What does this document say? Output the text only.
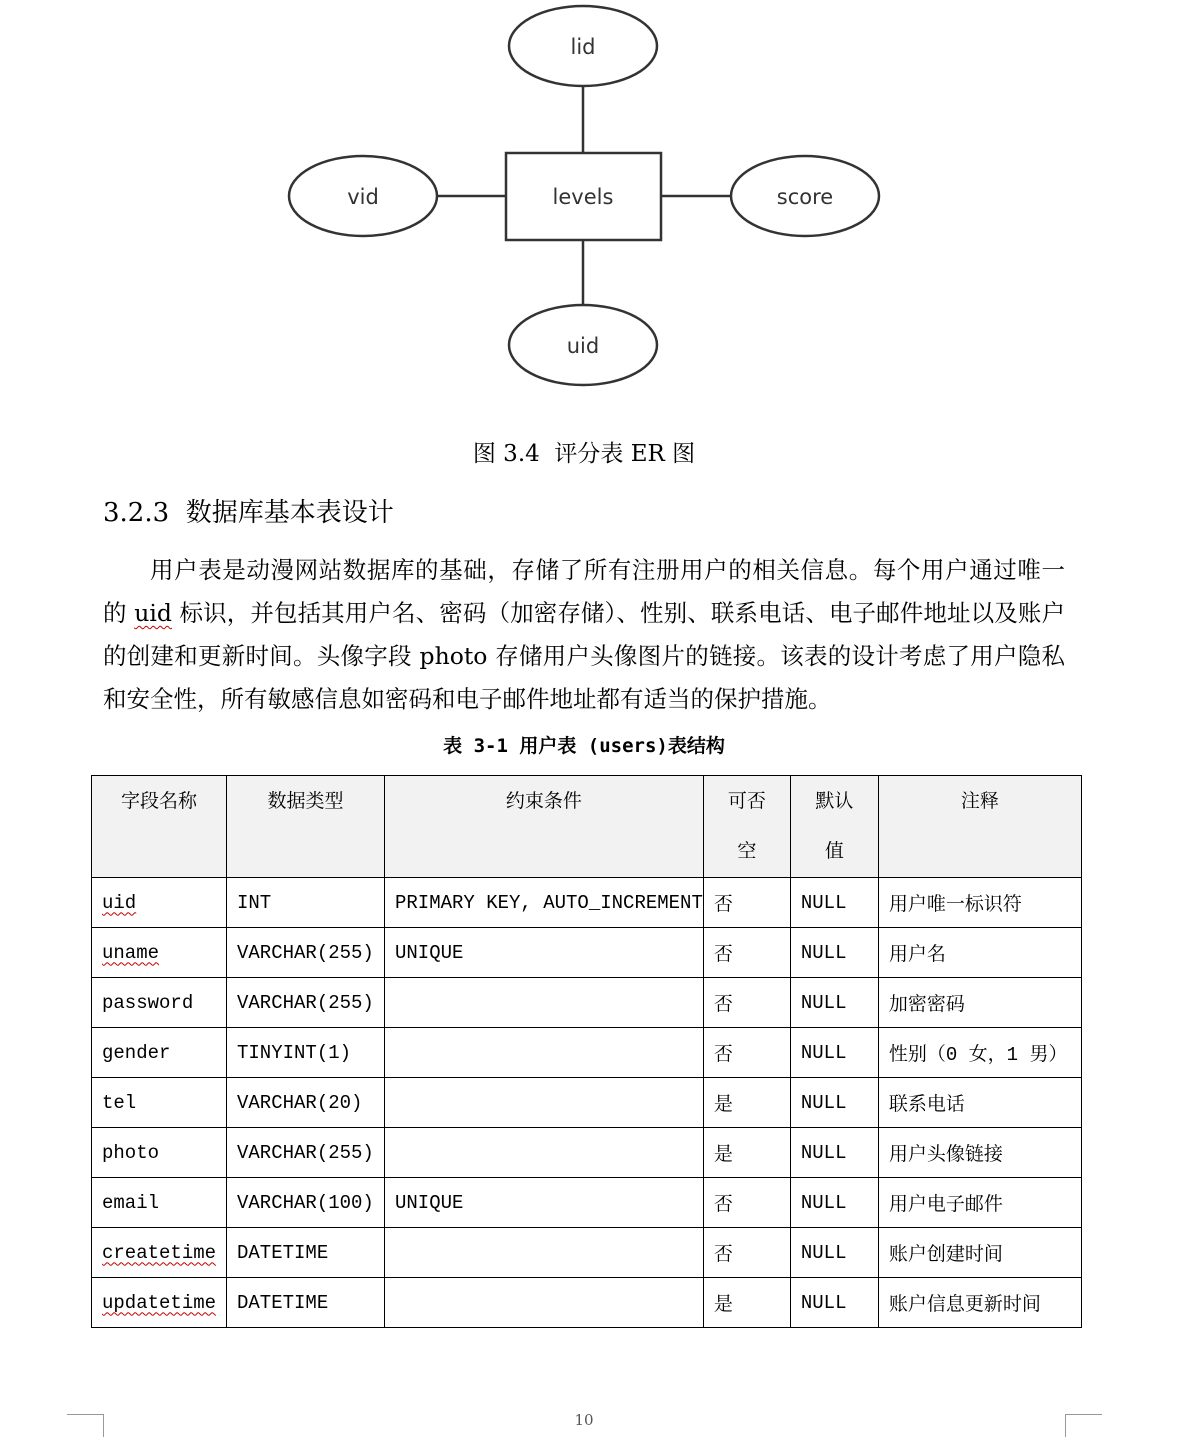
lid
vid	levels	score
uid
图 3.4  评分表 ER 图
3.2.3 数据库基本表设计

用户表是动漫网站数据库的基础，存储了所有注册用户的相关信息。每个用户通过唯一的 uid 标识，并包括其用户名、密码（加密存储）、性别、联系电话、电子邮件地址以及账户的创建和更新时间。头像字段 photo 存储用户头像图片的链接。该表的设计考虑了用户隐私和安全性，所有敏感信息如密码和电子邮件地址都有适当的保护措施。

表 3-1 用户表 (users)表结构
字段名称	数据类型	约束条件	可否空	默认值	注释

uid	INT	PRIMARY KEY, AUTO_INCREMENT	否	NULL	用户唯一标识符
uname	VARCHAR(255)	UNIQUE	否	NULL	用户名
password	VARCHAR(255)		否	NULL	加密密码
gender	TINYINT(1)		否	NULL	性别（0 女，1 男）
tel	VARCHAR(20)		是	NULL	联系电话
photo	VARCHAR(255)		是	NULL	用户头像链接
email	VARCHAR(100)	UNIQUE	否	NULL	用户电子邮件
createtime	DATETIME		否	NULL	账户创建时间
updatetime	DATETIME		是	NULL	账户信息更新时间
10
